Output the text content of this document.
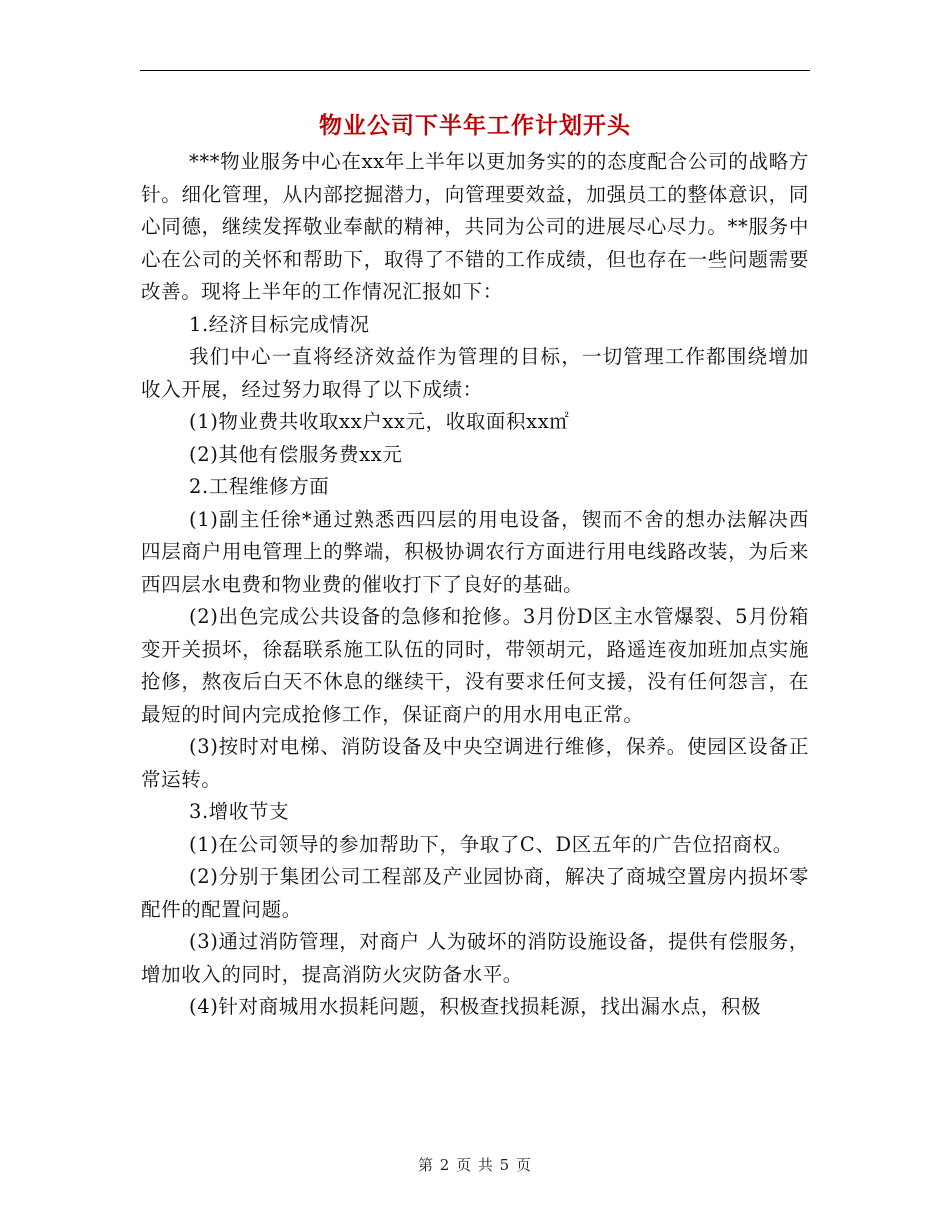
物业公司下半年工作计划开头

***物业服务中心在xx年上半年以更加务实的的态度配合公司的战略方针。细化管理，从内部挖掘潜力，向管理要效益，加强员工的整体意识，同心同德，继续发挥敬业奉献的精神，共同为公司的进展尽心尽力。**服务中心在公司的关怀和帮助下，取得了不错的工作成绩，但也存在一些问题需要改善。现将上半年的工作情况汇报如下：

1.经济目标完成情况

我们中心一直将经济效益作为管理的目标，一切管理工作都围绕增加收入开展，经过努力取得了以下成绩：

(1)物业费共收取xx户xx元，收取面积xx㎡

(2)其他有偿服务费xx元

2.工程维修方面

(1)副主任徐*通过熟悉西四层的用电设备，锲而不舍的想办法解决西四层商户用电管理上的弊端，积极协调农行方面进行用电线路改装，为后来西四层水电费和物业费的催收打下了良好的基础。

(2)出色完成公共设备的急修和抢修。3月份D区主水管爆裂、5月份箱变开关损坏，徐磊联系施工队伍的同时，带领胡元，路遥连夜加班加点实施抢修，熬夜后白天不休息的继续干，没有要求任何支援，没有任何怨言，在最短的时间内完成抢修工作，保证商户的用水用电正常。

(3)按时对电梯、消防设备及中央空调进行维修，保养。使园区设备正常运转。

3.增收节支

(1)在公司领导的参加帮助下，争取了C、D区五年的广告位招商权。

(2)分别于集团公司工程部及产业园协商，解决了商城空置房内损坏零配件的配置问题。

(3)通过消防管理，对商户 人为破坏的消防设施设备，提供有偿服务，增加收入的同时，提高消防火灾防备水平。

(4)针对商城用水损耗问题，积极查找损耗源，找出漏水点，积极

第 2 页 共 5 页
